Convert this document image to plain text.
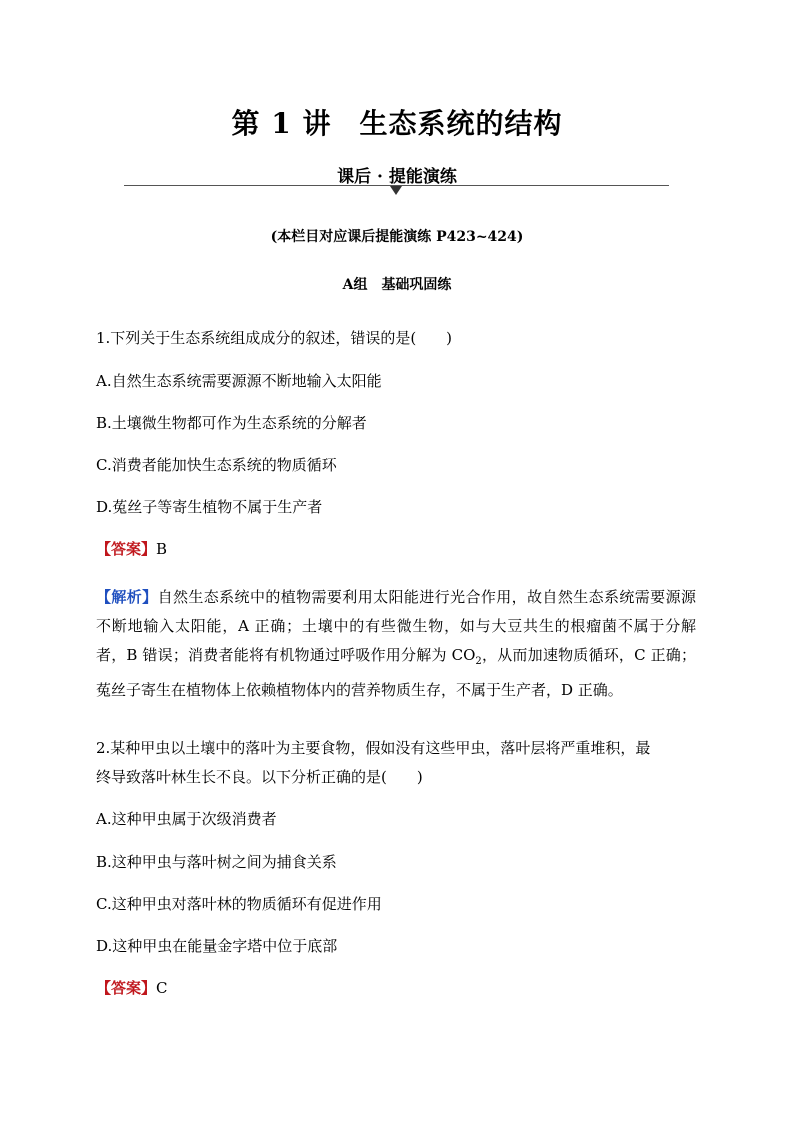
第 1 讲 生态系统的结构
课后 · 提能演练
(本栏目对应课后提能演练 P423~424)
A组 基础巩固练
1.下列关于生态系统组成成分的叙述，错误的是(　　)
A.自然生态系统需要源源不断地输入太阳能
B.土壤微生物都可作为生态系统的分解者
C.消费者能加快生态系统的物质循环
D.菟丝子等寄生植物不属于生产者
【答案】B
【解析】自然生态系统中的植物需要利用太阳能进行光合作用，故自然生态系统需要源源不断地输入太阳能，A 正确；土壤中的有些微生物，如与大豆共生的根瘤菌不属于分解者，B 错误；消费者能将有机物通过呼吸作用分解为 $CO_2$，从而加速物质循环，C 正确；菟丝子寄生在植物体上依赖植物体内的营养物质生存，不属于生产者，D 正确。
2.某种甲虫以土壤中的落叶为主要食物，假如没有这些甲虫，落叶层将严重堆积，最
终导致落叶林生长不良。以下分析正确的是(　　)
A.这种甲虫属于次级消费者
B.这种甲虫与落叶树之间为捕食关系
C.这种甲虫对落叶林的物质循环有促进作用
D.这种甲虫在能量金字塔中位于底部
【答案】C
